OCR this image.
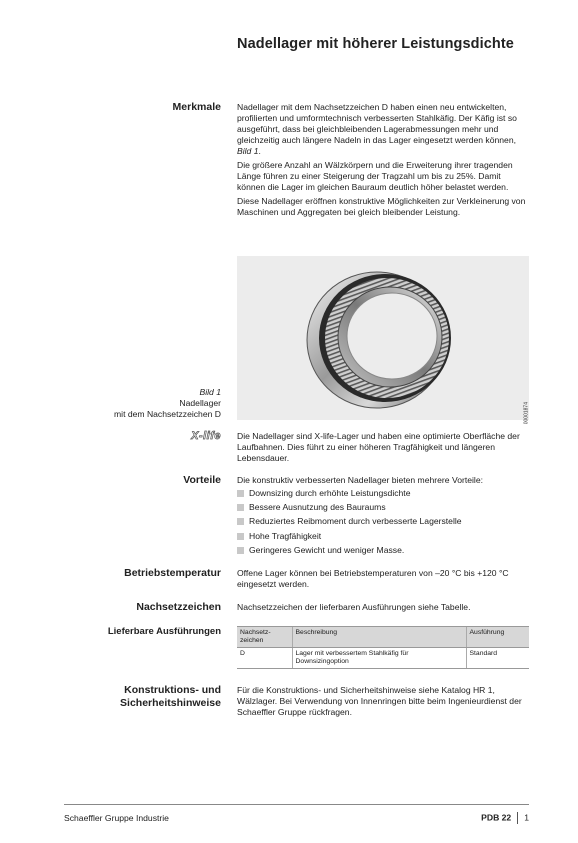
Nadellager mit höherer Leistungsdichte
Merkmale Nadellager mit dem Nachsetzzeichen D haben einen neu entwickelten, profilierten und umformtechnisch verbesserten Stahlkäfig. Der Käfig ist so ausgeführt, dass bei gleichbleibenden Lagerabmessungen mehr und gleichzeitig auch längere Nadeln in das Lager eingesetzt werden können, Bild 1.

Die größere Anzahl an Wälzkörpern und die Erweiterung ihrer tragenden Länge führen zu einer Steigerung der Tragzahl um bis zu 25%. Damit können die Lager im gleichen Bauraum deutlich höher belastet werden.

Diese Nadellager eröffnen konstruktive Möglichkeiten zur Verkleinerung von Maschinen und Aggregaten bei gleich bleibender Leistung.

00001874
Bild 1
Nadellager
mit dem Nachsetzzeichen D
X-life Die Nadellager sind X-life-Lager und haben eine optimierte Oberfläche der Laufbahnen. Dies führt zu einer höheren Tragfähigkeit und längeren Lebensdauer.
Vorteile Die konstruktiv verbesserten Nadellager bieten mehrere Vorteile:
Downsizing durch erhöhte Leistungsdichte
Bessere Ausnutzung des Bauraums
Reduziertes Reibmoment durch verbesserte Lagerstelle
Hohe Tragfähigkeit
Geringeres Gewicht und weniger Masse.
Betriebstemperatur Offene Lager können bei Betriebstemperaturen von –20 °C bis +120 °C eingesetzt werden.
Nachsetzzeichen Nachsetzzeichen der lieferbaren Ausführungen siehe Tabelle.
Lieferbare Ausführungen	Nachsetz-zeichen	Beschreibung	Ausführung
D	Lager mit verbessertem Stahlkäfig für Downsizingoption	Standard
Konstruktions- und
Sicherheitshinweise
Für die Konstruktions- und Sicherheitshinweise siehe Katalog HR 1, Wälzlager. Bei Verwendung von Innenringen bitte beim Ingenieurdienst der Schaeffler Gruppe rückfragen.
Schaeffler Gruppe Industrie	PDB 22 1
